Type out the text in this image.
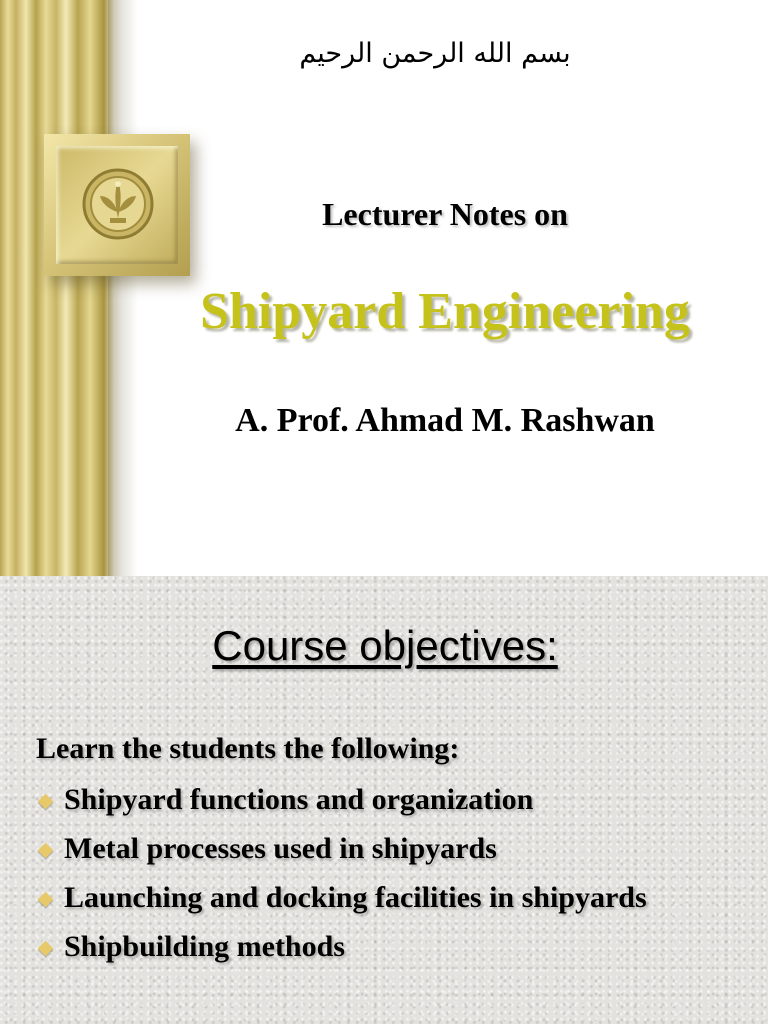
بسم الله الرحمن الرحيم
Lecturer Notes on
Shipyard Engineering
A. Prof. Ahmad M. Rashwan
Course objectives:
Learn the students the following:
Shipyard functions and organization
Metal processes used in shipyards
Launching and docking facilities in shipyards
Shipbuilding methods
